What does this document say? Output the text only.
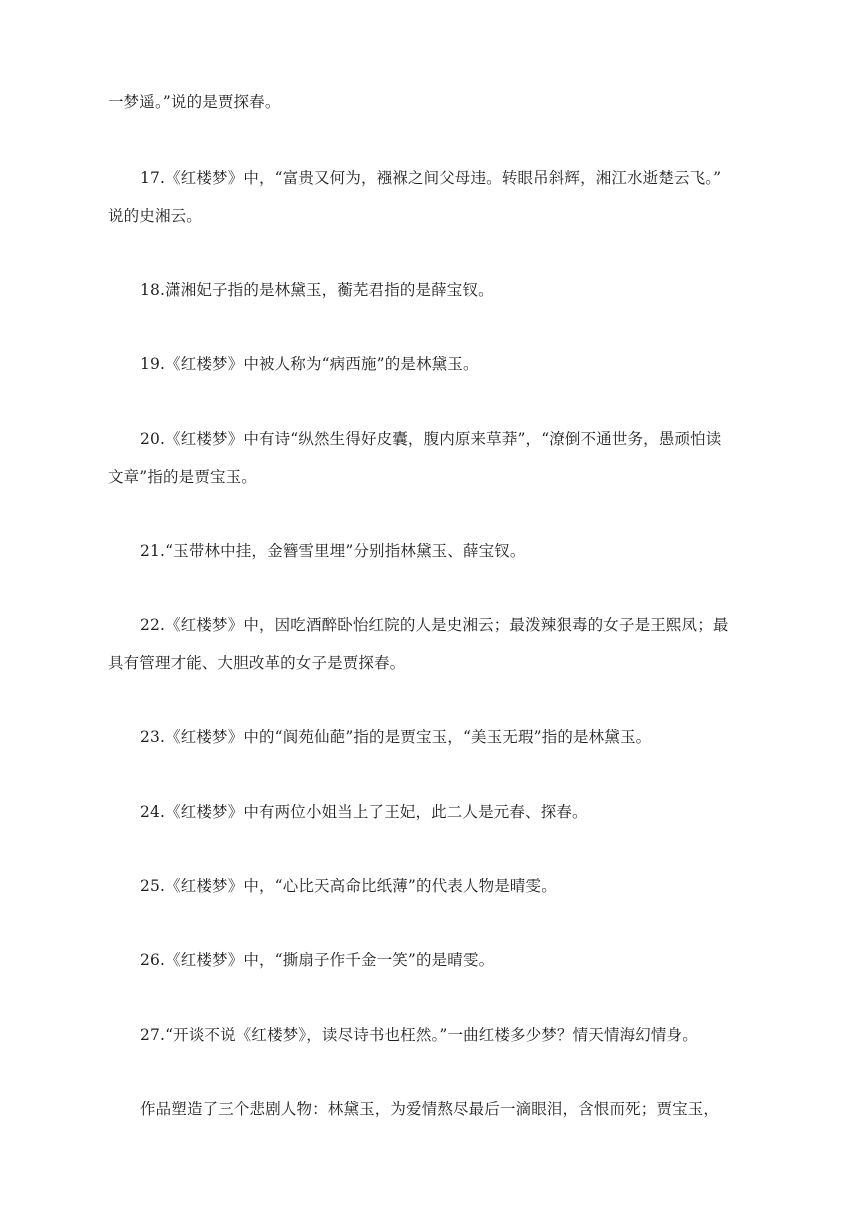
一梦遥。”说的是贾探春。
17.《红楼梦》中，“富贵又何为，襁褓之间父母违。转眼吊斜辉，湘江水逝楚云飞。”
说的史湘云。
18.潇湘妃子指的是林黛玉，蘅芜君指的是薛宝钗。
19.《红楼梦》中被人称为“病西施”的是林黛玉。
20.《红楼梦》中有诗“纵然生得好皮囊，腹内原来草莽”，“潦倒不通世务，愚顽怕读
文章”指的是贾宝玉。
21.“玉带林中挂，金簪雪里埋”分别指林黛玉、薛宝钗。
22.《红楼梦》中，因吃酒醉卧怡红院的人是史湘云；最泼辣狠毒的女子是王熙凤；最
具有管理才能、大胆改革的女子是贾探春。
23.《红楼梦》中的“阆苑仙葩”指的是贾宝玉，“美玉无瑕”指的是林黛玉。
24.《红楼梦》中有两位小姐当上了王妃，此二人是元春、探春。
25.《红楼梦》中，“心比天高命比纸薄”的代表人物是晴雯。
26.《红楼梦》中，“撕扇子作千金一笑”的是晴雯。
27.“开谈不说《红楼梦》，读尽诗书也枉然。”一曲红楼多少梦？情天情海幻情身。
作品塑造了三个悲剧人物：林黛玉，为爱情熬尽最后一滴眼泪，含恨而死；贾宝玉，
